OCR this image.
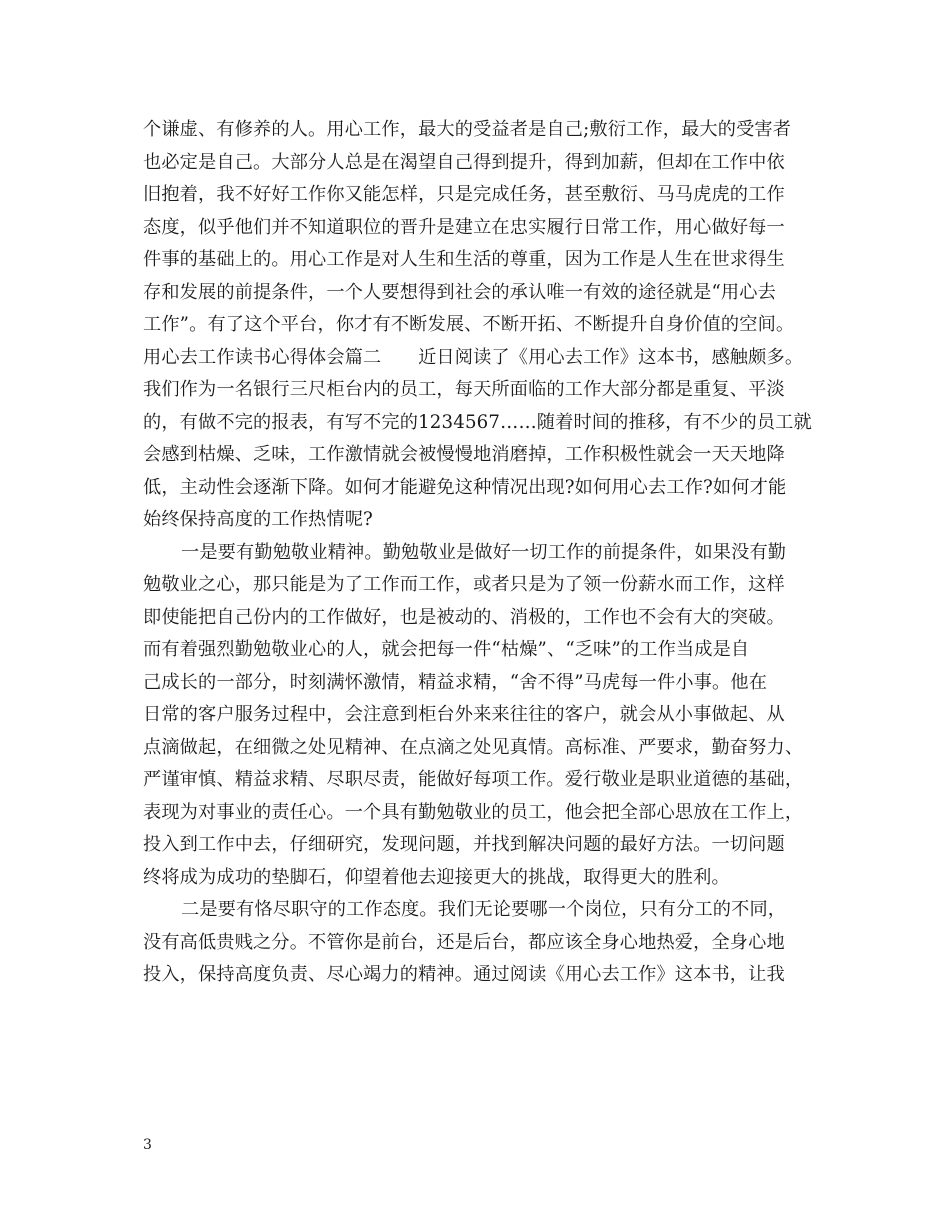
个谦虚、有修养的人。用心工作，最大的受益者是自己;敷衍工作，最大的受害者
也必定是自己。大部分人总是在渴望自己得到提升，得到加薪，但却在工作中依
旧抱着，我不好好工作你又能怎样，只是完成任务，甚至敷衍、马马虎虎的工作
态度，似乎他们并不知道职位的晋升是建立在忠实履行日常工作，用心做好每一
件事的基础上的。用心工作是对人生和生活的尊重，因为工作是人生在世求得生
存和发展的前提条件，一个人要想得到社会的承认唯一有效的途径就是“用心去
工作”。有了这个平台，你才有不断发展、不断开拓、不断提升自身价值的空间。
用心去工作读书心得体会篇二　　近日阅读了《用心去工作》这本书，感触颇多。
我们作为一名银行三尺柜台内的员工，每天所面临的工作大部分都是重复、平淡
的，有做不完的报表，有写不完的1234567……随着时间的推移，有不少的员工就
会感到枯燥、乏味，工作激情就会被慢慢地消磨掉，工作积极性就会一天天地降
低，主动性会逐渐下降。如何才能避免这种情况出现?如何用心去工作?如何才能
始终保持高度的工作热情呢?
一是要有勤勉敬业精神。勤勉敬业是做好一切工作的前提条件，如果没有勤
勉敬业之心，那只能是为了工作而工作，或者只是为了领一份薪水而工作，这样
即使能把自己份内的工作做好，也是被动的、消极的，工作也不会有大的突破。
而有着强烈勤勉敬业心的人，就会把每一件“枯燥”、“乏味”的工作当成是自
己成长的一部分，时刻满怀激情，精益求精，“舍不得”马虎每一件小事。他在
日常的客户服务过程中，会注意到柜台外来来往往的客户，就会从小事做起、从
点滴做起，在细微之处见精神、在点滴之处见真情。高标准、严要求，勤奋努力、
严谨审慎、精益求精、尽职尽责，能做好每项工作。爱行敬业是职业道德的基础，
表现为对事业的责任心。一个具有勤勉敬业的员工，他会把全部心思放在工作上，
投入到工作中去，仔细研究，发现问题，并找到解决问题的最好方法。一切问题
终将成为成功的垫脚石，仰望着他去迎接更大的挑战，取得更大的胜利。
二是要有恪尽职守的工作态度。我们无论要哪一个岗位，只有分工的不同，
没有高低贵贱之分。不管你是前台，还是后台，都应该全身心地热爱，全身心地
投入，保持高度负责、尽心竭力的精神。通过阅读《用心去工作》这本书，让我
3
